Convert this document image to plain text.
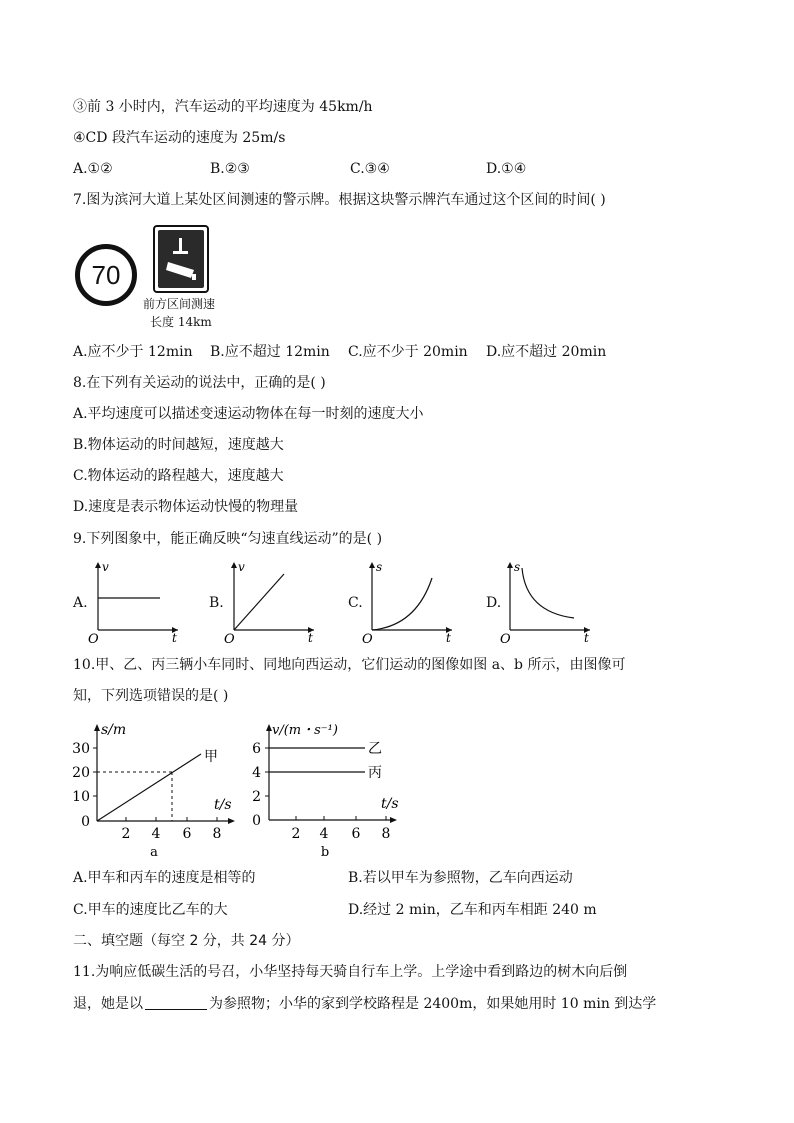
③前 3 小时内，汽车运动的平均速度为 45km/h
④CD 段汽车运动的速度为 25m/s
A.①②	B.②③	C.③④	D.①④
7.图为滨河大道上某处区间测速的警示牌。根据这块警示牌汽车通过这个区间的时间( )
70
前方区间测速
长度 14km
A.应不少于 12min B.应不超过 12min C.应不少于 20min D.应不超过 20min
8.在下列有关运动的说法中，正确的是( )
A.平均速度可以描述变速运动物体在每一时刻的速度大小
B.物体运动的时间越短，速度越大
C.物体运动的路程越大，速度越大
D.速度是表示物体运动快慢的物理量
9.下列图象中，能正确反映“匀速直线运动”的是( )
A.
v
t
O
B.
v
t
O
C.
s
t
O
D.
s
t
O
10.甲、乙、丙三辆小车同时、同地向西运动，它们运动的图像如图 a、b 所示，由图像可
知，下列选项错误的是( )
s/m
t/s
甲
30
20
10
0
2 4 6 8
a
v/(m・s⁻¹)
t/s
乙
丙
6
4
2
0
2 4 6 8
b
A.甲车和丙车的速度是相等的	B.若以甲车为参照物，乙车向西运动
C.甲车的速度比乙车的大	D.经过 2 min，乙车和丙车相距 240 m
二、填空题（每空 2 分，共 24 分）
11.为响应低碳生活的号召，小华坚持每天骑自行车上学。上学途中看到路边的树木向后倒
退，她是以	为参照物；小华的家到学校路程是 2400m，如果她用时 10 min 到达学
